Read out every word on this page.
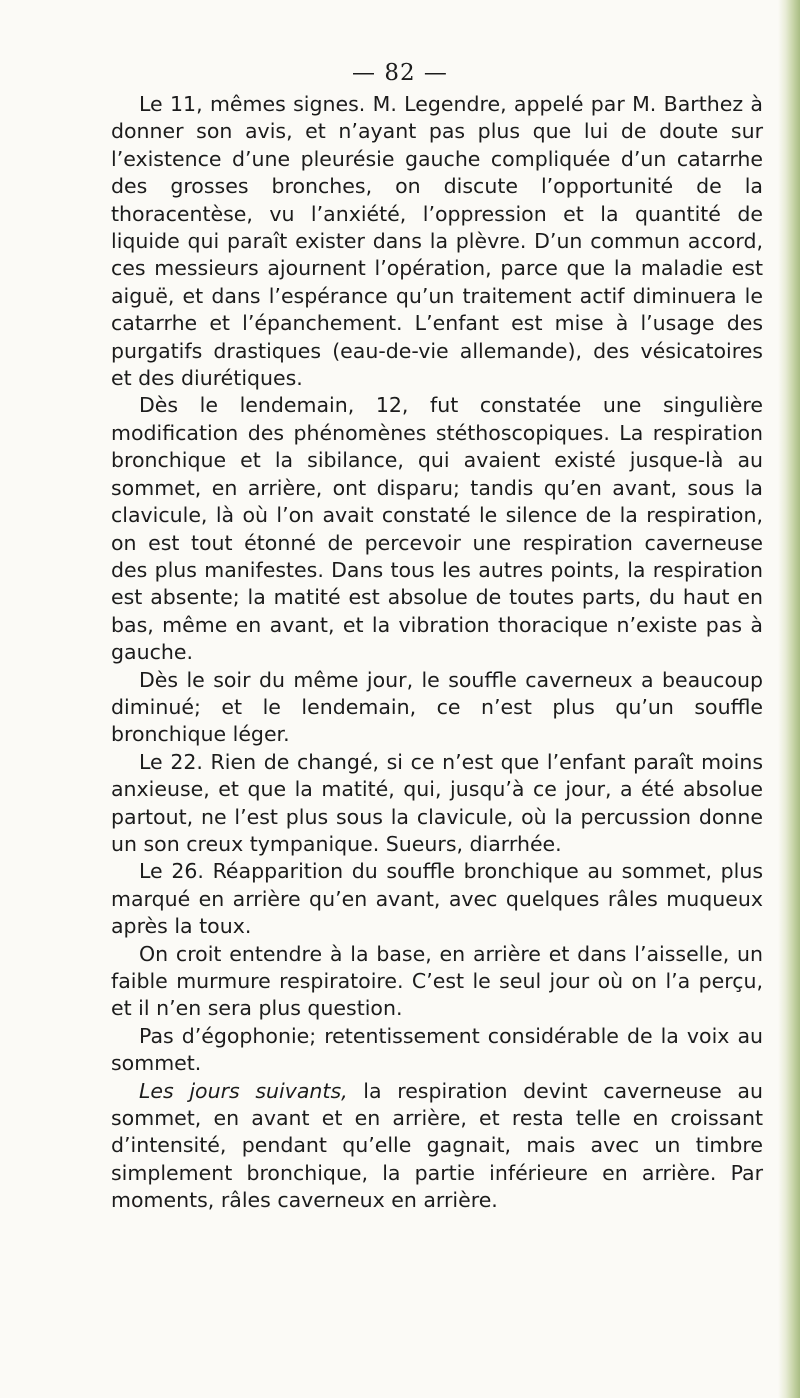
— 82 —

Le 11, mêmes signes. M. Legendre, appelé par M. Barthez à donner son avis, et n’ayant pas plus que lui de doute sur l’existence d’une pleurésie gauche compliquée d’un catarrhe des grosses bronches, on discute l’opportunité de la thoracentèse, vu l’anxiété, l’oppression et la quantité de liquide qui paraît exister dans la plèvre. D’un commun accord, ces messieurs ajournent l’opération, parce que la maladie est aiguë, et dans l’espérance qu’un traitement actif diminuera le catarrhe et l’épanchement. L’enfant est mise à l’usage des purgatifs drastiques (eau-de-vie allemande), des vésicatoires et des diurétiques.

Dès le lendemain, 12, fut constatée une singulière modification des phénomènes stéthoscopiques. La respiration bronchique et la sibilance, qui avaient existé jusque-là au sommet, en arrière, ont disparu; tandis qu’en avant, sous la clavicule, là où l’on avait constaté le silence de la respiration, on est tout étonné de percevoir une respiration caverneuse des plus manifestes. Dans tous les autres points, la respiration est absente; la matité est absolue de toutes parts, du haut en bas, même en avant, et la vibration thoracique n’existe pas à gauche.

Dès le soir du même jour, le souffle caverneux a beaucoup diminué; et le lendemain, ce n’est plus qu’un souffle bronchique léger.

Le 22. Rien de changé, si ce n’est que l’enfant paraît moins anxieuse, et que la matité, qui, jusqu’à ce jour, a été absolue partout, ne l’est plus sous la clavicule, où la percussion donne un son creux tympanique. Sueurs, diarrhée.

Le 26. Réapparition du souffle bronchique au sommet, plus marqué en arrière qu’en avant, avec quelques râles muqueux après la toux.

On croit entendre à la base, en arrière et dans l’aisselle, un faible murmure respiratoire. C’est le seul jour où on l’a perçu, et il n’en sera plus question.

Pas d’égophonie; retentissement considérable de la voix au sommet.

Les jours suivants, la respiration devint caverneuse au sommet, en avant et en arrière, et resta telle en croissant d’intensité, pendant qu’elle gagnait, mais avec un timbre simplement bronchique, la partie inférieure en arrière. Par moments, râles caverneux en arrière.
